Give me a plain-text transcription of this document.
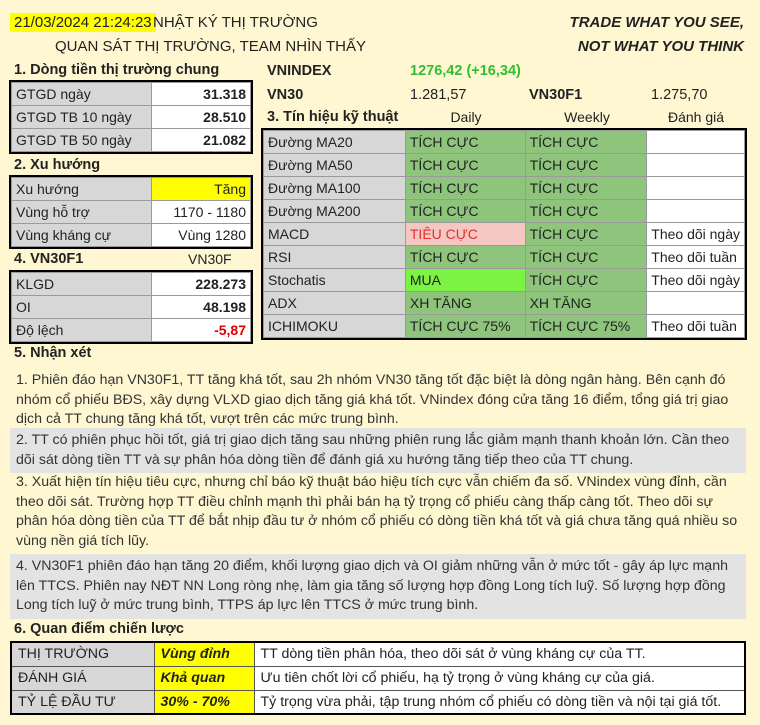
21/03/2024 21:24:23 NHẬT KÝ THỊ TRƯỜNG
QUAN SÁT THỊ TRƯỜNG, TEAM NHÌN THẤY
TRADE WHAT YOU SEE,
NOT WHAT YOU THINK
1. Dòng tiền thị trường chung
GTGD ngày	31.318
GTGD TB 10 ngày	28.510
GTGD TB 50 ngày	21.082
2. Xu hướng
Xu hướng	Tăng
Vùng hỗ trợ	1170 - 1180
Vùng kháng cự	Vùng 1280
4. VN30F1	VN30F
KLGD	228.273
OI	48.198
Độ lệch	-5,87
VNINDEX	1276,42 (+16,34)
VN30	1.281,57	VN30F1	1.275,70
3. Tín hiệu kỹ thuật	Daily	Weekly	Đánh giá
Đường MA20	TÍCH CỰC	TÍCH CỰC	
Đường MA50	TÍCH CỰC	TÍCH CỰC	
Đường MA100	TÍCH CỰC	TÍCH CỰC	
Đường MA200	TÍCH CỰC	TÍCH CỰC	
MACD	TIÊU CỰC	TÍCH CỰC	Theo dõi ngày
RSI	TÍCH CỰC	TÍCH CỰC	Theo dõi tuần
Stochatis	MUA	TÍCH CỰC	Theo dõi ngày
ADX	XH TĂNG	XH TĂNG	
ICHIMOKU	TÍCH CỰC 75%	TÍCH CỰC 75%	Theo dõi tuần
5. Nhận xét
1. Phiên đáo hạn VN30F1, TT tăng khá tốt, sau 2h nhóm VN30 tăng tốt đặc biệt là dòng ngân hàng. Bên cạnh đó nhóm cổ phiếu BĐS, xây dựng VLXD giao dịch tăng giá khá tốt. VNindex đóng cửa tăng 16 điểm, tổng giá trị giao dịch cả TT chung tăng khá tốt, vượt trên các mức trung bình.
2. TT có phiên phục hồi tốt, giá trị giao dịch tăng sau những phiên rung lắc giảm mạnh thanh khoản lớn. Cần theo dõi sát dòng tiền TT và sự phân hóa dòng tiền để đánh giá xu hướng tăng tiếp theo của TT chung.
3. Xuất hiện tín hiệu tiêu cực, nhưng chỉ báo kỹ thuật báo hiệu tích cực vẫn chiếm đa số. VNindex vùng đỉnh, cần theo dõi sát. Trường hợp TT điều chỉnh mạnh thì phải bán hạ tỷ trọng cổ phiếu càng thấp càng tốt. Theo dõi sự phân hóa dòng tiền của TT để bắt nhịp đầu tư ở nhóm cổ phiếu có dòng tiền khá tốt và giá chưa tăng quá nhiều so vùng nền giá tích lũy.
4. VN30F1 phiên đáo hạn tăng 20 điểm, khối lượng giao dịch và OI giảm những vẫn ở mức tốt - gây áp lực mạnh lên TTCS. Phiên nay NĐT NN Long ròng nhẹ, làm gia tăng số lượng hợp đồng Long tích luỹ. Số lượng hợp đồng Long tích luỹ ở mức trung bình, TTPS áp lực lên TTCS ở mức trung bình.
6. Quan điểm chiến lược
THỊ TRƯỜNG	Vùng đỉnh	TT dòng tiền phân hóa, theo dõi sát ở vùng kháng cự của TT.
ĐÁNH GIÁ	Khả quan	Ưu tiên chốt lời cổ phiếu, hạ tỷ trọng ở vùng kháng cự của giá.
TỶ LỆ ĐẦU TƯ	30% - 70%	Tỷ trọng vừa phải, tập trung nhóm cổ phiếu có dòng tiền và nội tại giá tốt.
